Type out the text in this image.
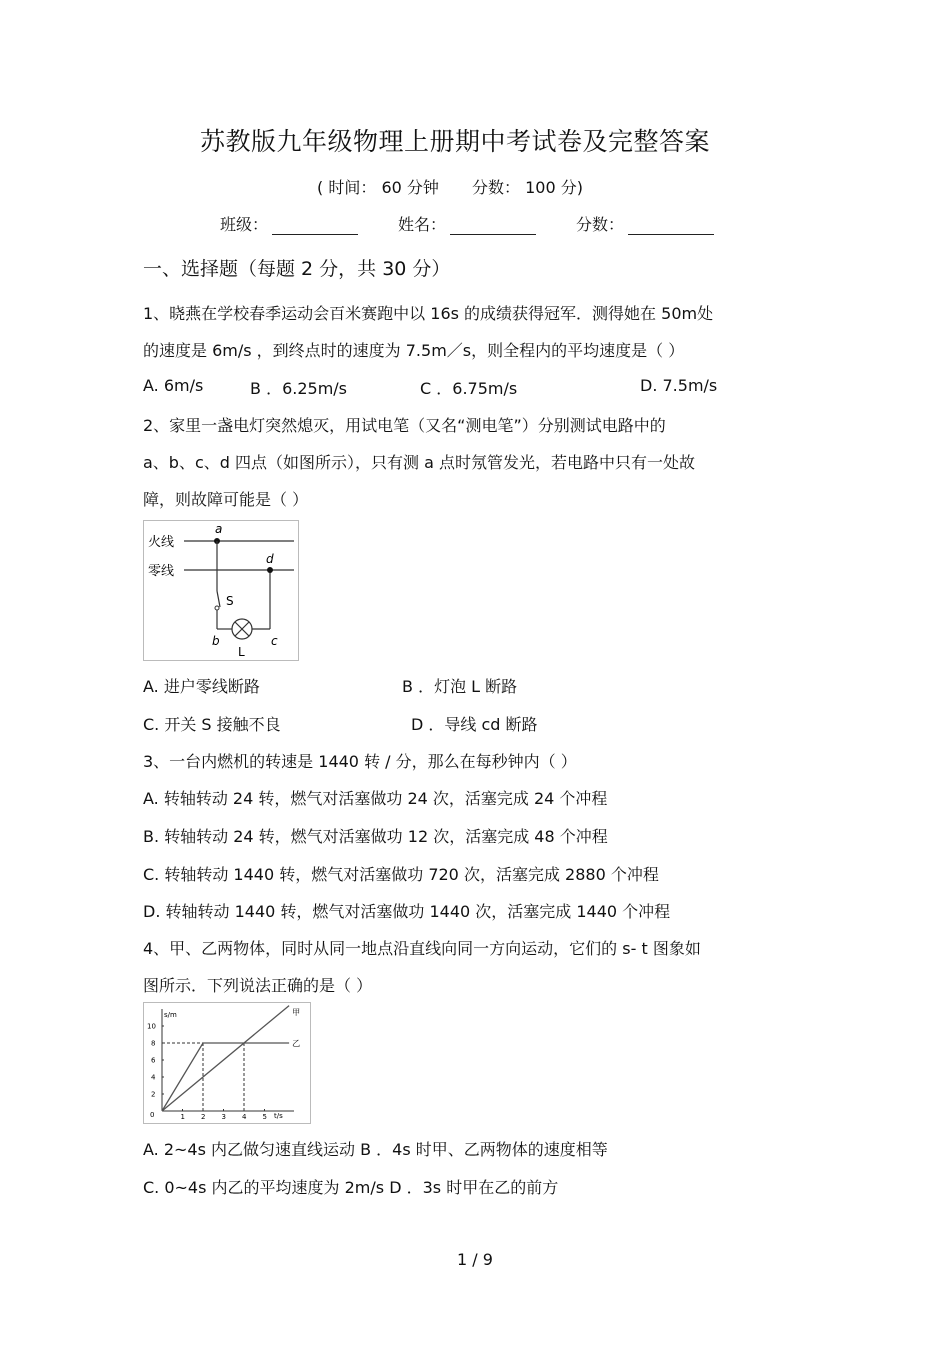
苏教版九年级物理上册期中考试卷及完整答案
( 时间： 60 分钟 分数： 100 分)
班级：	姓名：	分数：
一、选择题（每题 2 分，共 30 分）
1、晓燕在学校春季运动会百米赛跑中以 16s 的成绩获得冠军．测得她在 50m处
的速度是 6m/s ，到终点时的速度为 7.5m／s，则全程内的平均速度是（ ）
A. 6m/s	B ．6.25m/s	C ．6.75m/s	D. 7.5m/s
2、家里一盏电灯突然熄灭，用试电笔（又名“测电笔”）分别测试电路中的
a、b、c、d 四点（如图所示），只有测 a 点时氖管发光，若电路中只有一处故
障，则故障可能是（ ）
火线
零线
a
S
d
b	c
L
A. 进户零线断路	B ．灯泡 L 断路
C. 开关 S 接触不良	D ．导线 cd 断路
3、一台内燃机的转速是 1440 转 / 分，那么在每秒钟内（ ）
A. 转轴转动 24 转，燃气对活塞做功 24 次，活塞完成 24 个冲程
B. 转轴转动 24 转，燃气对活塞做功 12 次，活塞完成 48 个冲程
C. 转轴转动 1440 转，燃气对活塞做功 720 次，活塞完成 2880 个冲程
D. 转轴转动 1440 转，燃气对活塞做功 1440 次，活塞完成 1440 个冲程
4、甲、乙两物体，同时从同一地点沿直线向同一方向运动，它们的 s- t 图象如
图所示．下列说法正确的是（ ）
t/s
s/m
0	1 2 3 4 5
2
4
6
8
10
甲
乙
A. 2~4s 内乙做匀速直线运动 B ．4s 时甲、乙两物体的速度相等
C. 0~4s 内乙的平均速度为 2m/s D ．3s 时甲在乙的前方
1 / 9
